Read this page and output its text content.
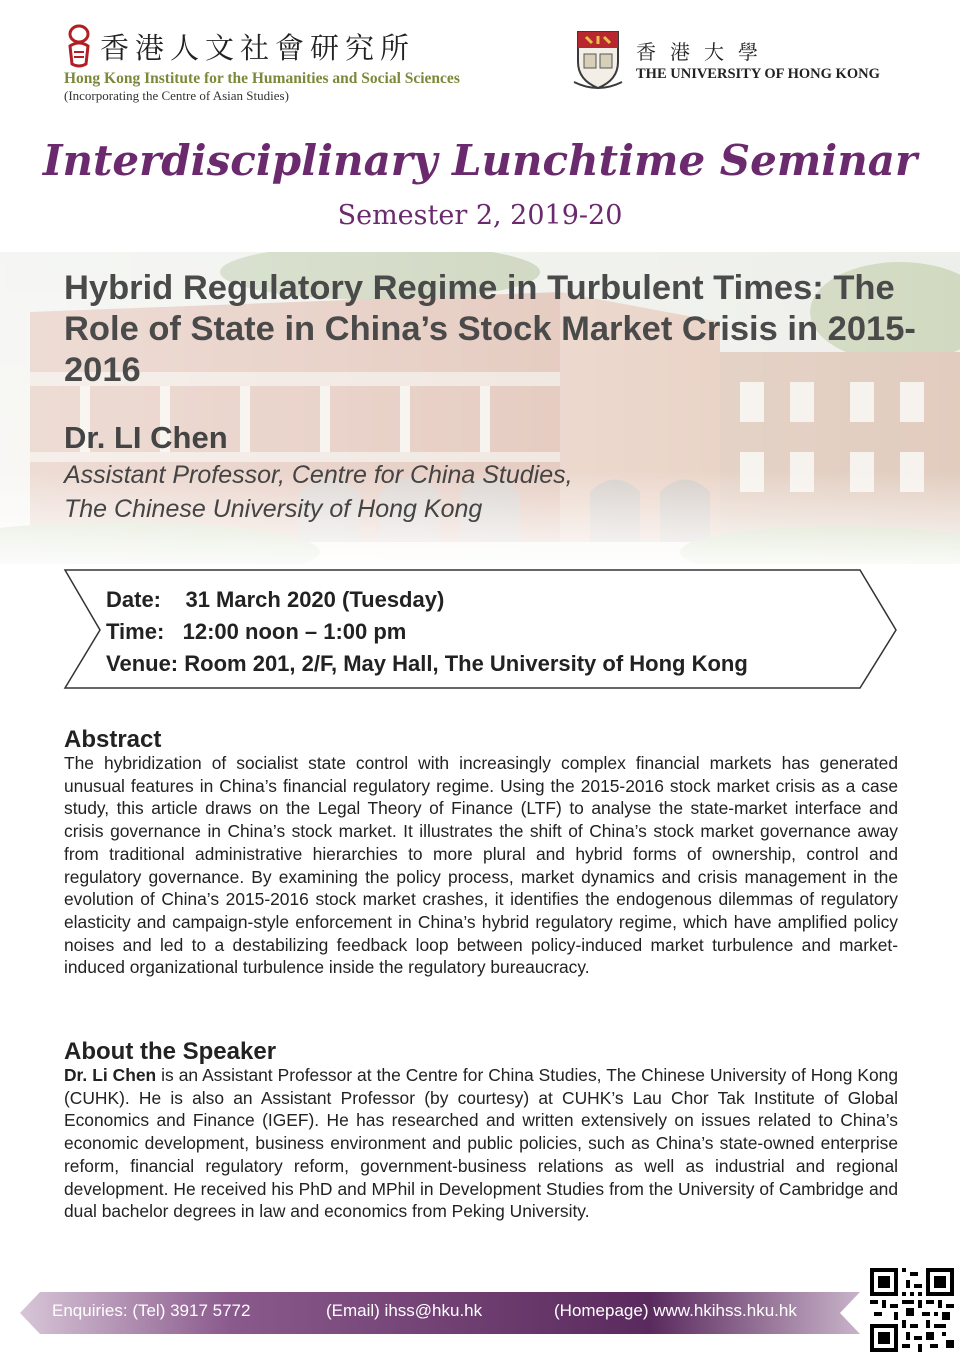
香港人文社會研究所
Hong Kong Institute for the Humanities and Social Sciences
(Incorporating the Centre of Asian Studies)
香港大學
THE UNIVERSITY OF HONG KONG
Interdisciplinary Lunchtime Seminar
Semester 2, 2019-20
Hybrid Regulatory Regime in Turbulent Times: The Role of State in China’s Stock Market Crisis in 2015-2016
Dr. LI Chen
Assistant Professor, Centre for China Studies,
The Chinese University of Hong Kong
Date: 31 March 2020 (Tuesday)
Time: 12:00 noon – 1:00 pm
Venue: Room 201, 2/F, May Hall, The University of Hong Kong
Abstract
The hybridization of socialist state control with increasingly complex financial markets has generated unusual features in China’s financial regulatory regime. Using the 2015-2016 stock market crisis as a case study, this article draws on the Legal Theory of Finance (LTF) to analyse the state-market interface and crisis governance in China’s stock market. It illustrates the shift of China’s stock market governance away from traditional administrative hierarchies to more plural and hybrid forms of ownership, control and regulatory governance. By examining the policy process, market dynamics and crisis management in the evolution of China’s 2015-2016 stock market crashes, it identifies the endogenous dilemmas of regulatory elasticity and campaign-style enforcement in China’s hybrid regulatory regime, which have amplified policy noises and led to a destabilizing feedback loop between policy-induced market turbulence and market-induced organizational turbulence inside the regulatory bureaucracy.
About the Speaker
Dr. Li Chen is an Assistant Professor at the Centre for China Studies, The Chinese University of Hong Kong (CUHK). He is also an Assistant Professor (by courtesy) at CUHK’s Lau Chor Tak Institute of Global Economics and Finance (IGEF). He has researched and written extensively on issues related to China’s economic development, business environment and public policies, such as China’s state-owned enterprise reform, financial regulatory reform, government-business relations as well as industrial and regional development. He received his PhD and MPhil in Development Studies from the University of Cambridge and dual bachelor degrees in law and economics from Peking University.
Enquiries: (Tel) 3917 5772	(Email) ihss@hku.hk	(Homepage) www.hkihss.hku.hk
